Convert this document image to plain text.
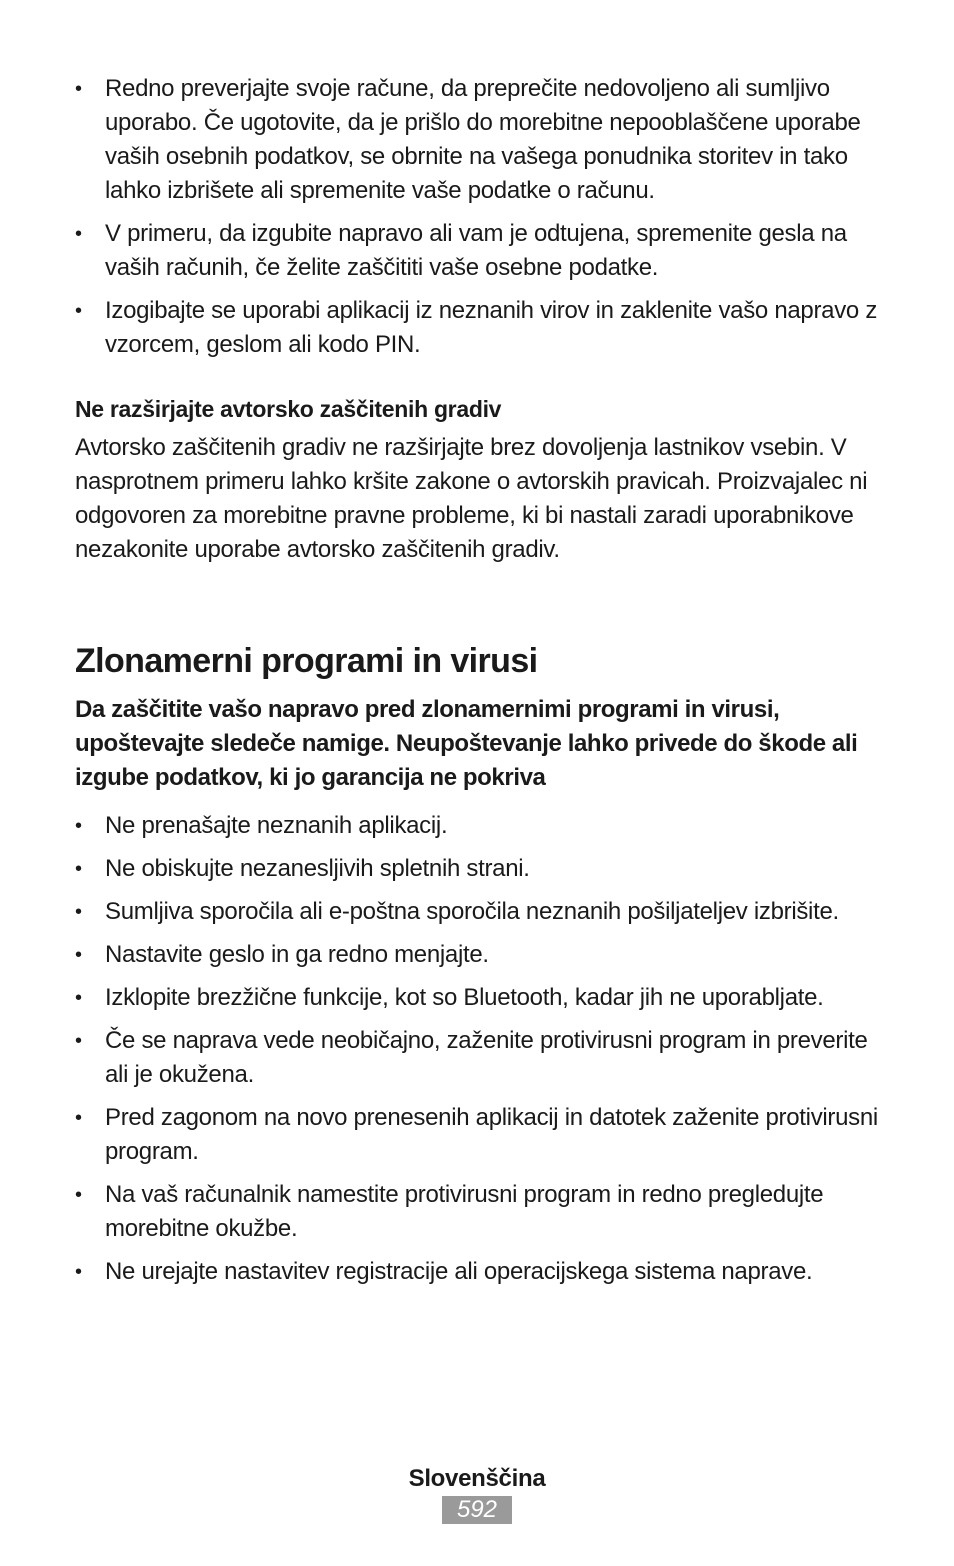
• Redno preverjajte svoje račune, da preprečite nedovoljeno ali sumljivo uporabo. Če ugotovite, da je prišlo do morebitne nepooblaščene uporabe vaših osebnih podatkov, se obrnite na vašega ponudnika storitev in tako lahko izbrišete ali spremenite vaše podatke o računu.
• V primeru, da izgubite napravo ali vam je odtujena, spremenite gesla na vaših računih, če želite zaščititi vaše osebne podatke.
• Izogibajte se uporabi aplikacij iz neznanih virov in zaklenite vašo napravo z vzorcem, geslom ali kodo PIN.
Ne razširjajte avtorsko zaščitenih gradiv

Avtorsko zaščitenih gradiv ne razširjajte brez dovoljenja lastnikov vsebin. V nasprotnem primeru lahko kršite zakone o avtorskih pravicah. Proizvajalec ni odgovoren za morebitne pravne probleme, ki bi nastali zaradi uporabnikove nezakonite uporabe avtorsko zaščitenih gradiv.

Zlonamerni programi in virusi

Da zaščitite vašo napravo pred zlonamernimi programi in virusi, upoštevajte sledeče namige. Neupoštevanje lahko privede do škode ali izgube podatkov, ki jo garancija ne pokriva

• Ne prenašajte neznanih aplikacij.
• Ne obiskujte nezanesljivih spletnih strani.
• Sumljiva sporočila ali e-poštna sporočila neznanih pošiljateljev izbrišite.
• Nastavite geslo in ga redno menjajte.
• Izklopite brezžične funkcije, kot so Bluetooth, kadar jih ne uporabljate.
• Če se naprava vede neobičajno, zaženite protivirusni program in preverite ali je okužena.
• Pred zagonom na novo prenesenih aplikacij in datotek zaženite protivirusni program.
• Na vaš računalnik namestite protivirusni program in redno pregledujte morebitne okužbe.
• Ne urejajte nastavitev registracije ali operacijskega sistema naprave.
Slovenščina
592
